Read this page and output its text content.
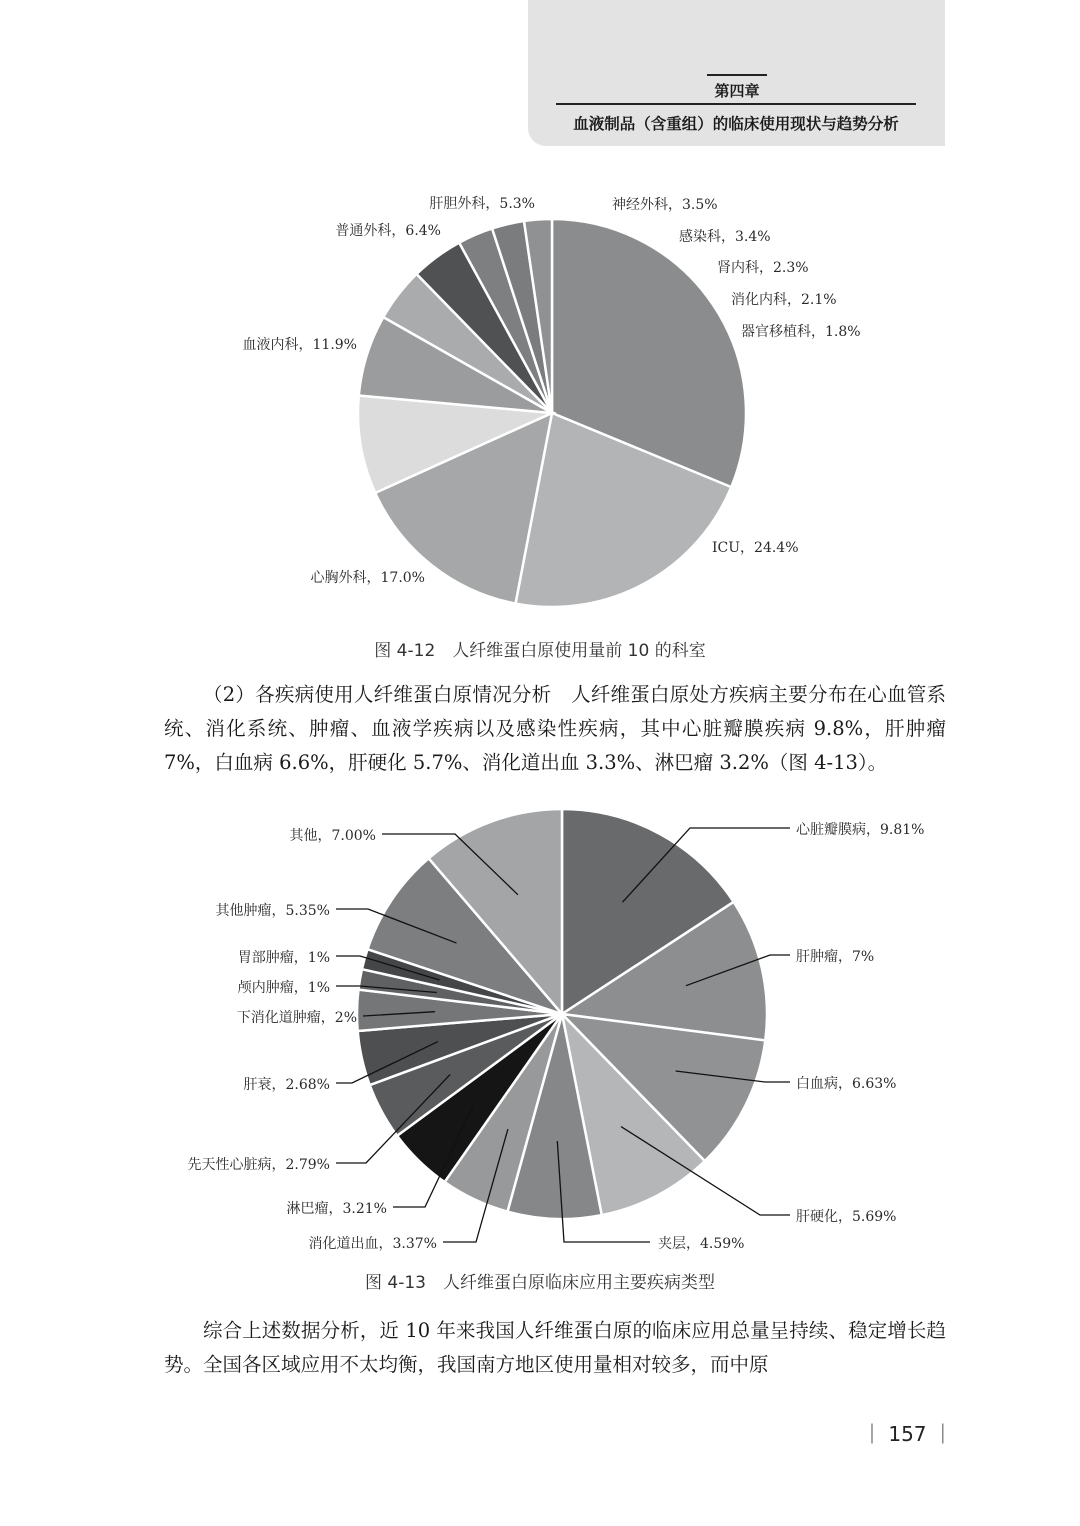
第四章
血液制品（含重组）的临床使用现状与趋势分析
ICU，24.4%
心胸外科，17.0%
血液内科，11.9%
普通外科，6.4%
肝胆外科，5.3%	神经外科，3.5%
感染科，3.4%
肾内科，2.3%
消化内科，2.1%
器官移植科，1.8%
图 4-12　人纤维蛋白原使用量前 10 的科室
（2）各疾病使用人纤维蛋白原情况分析　人纤维蛋白原处方疾病主要分布在心血管系统、消化系统、肿瘤、血液学疾病以及感染性疾病，其中心脏瓣膜疾病 9.8%，肝肿瘤 7%，白血病 6.6%，肝硬化 5.7%、消化道出血 3.3%、淋巴瘤 3.2%（图 4-13）。
心脏瓣膜病，9.81%
肝肿瘤，7%
白血病，6.63%
肝硬化，5.69%
夹层，4.59%
消化道出血，3.37%
淋巴瘤，3.21%
先天性心脏病，2.79%
肝衰，2.68%
下消化道肿瘤，2%
颅内肿瘤，1%
胃部肿瘤，1%
其他肿瘤，5.35%
其他，7.00%
图 4-13　人纤维蛋白原临床应用主要疾病类型
综合上述数据分析，近 10 年来我国人纤维蛋白原的临床应用总量呈持续、稳定增长趋势。全国各区域应用不太均衡，我国南方地区使用量相对较多，而中原
｜ 157 ｜
